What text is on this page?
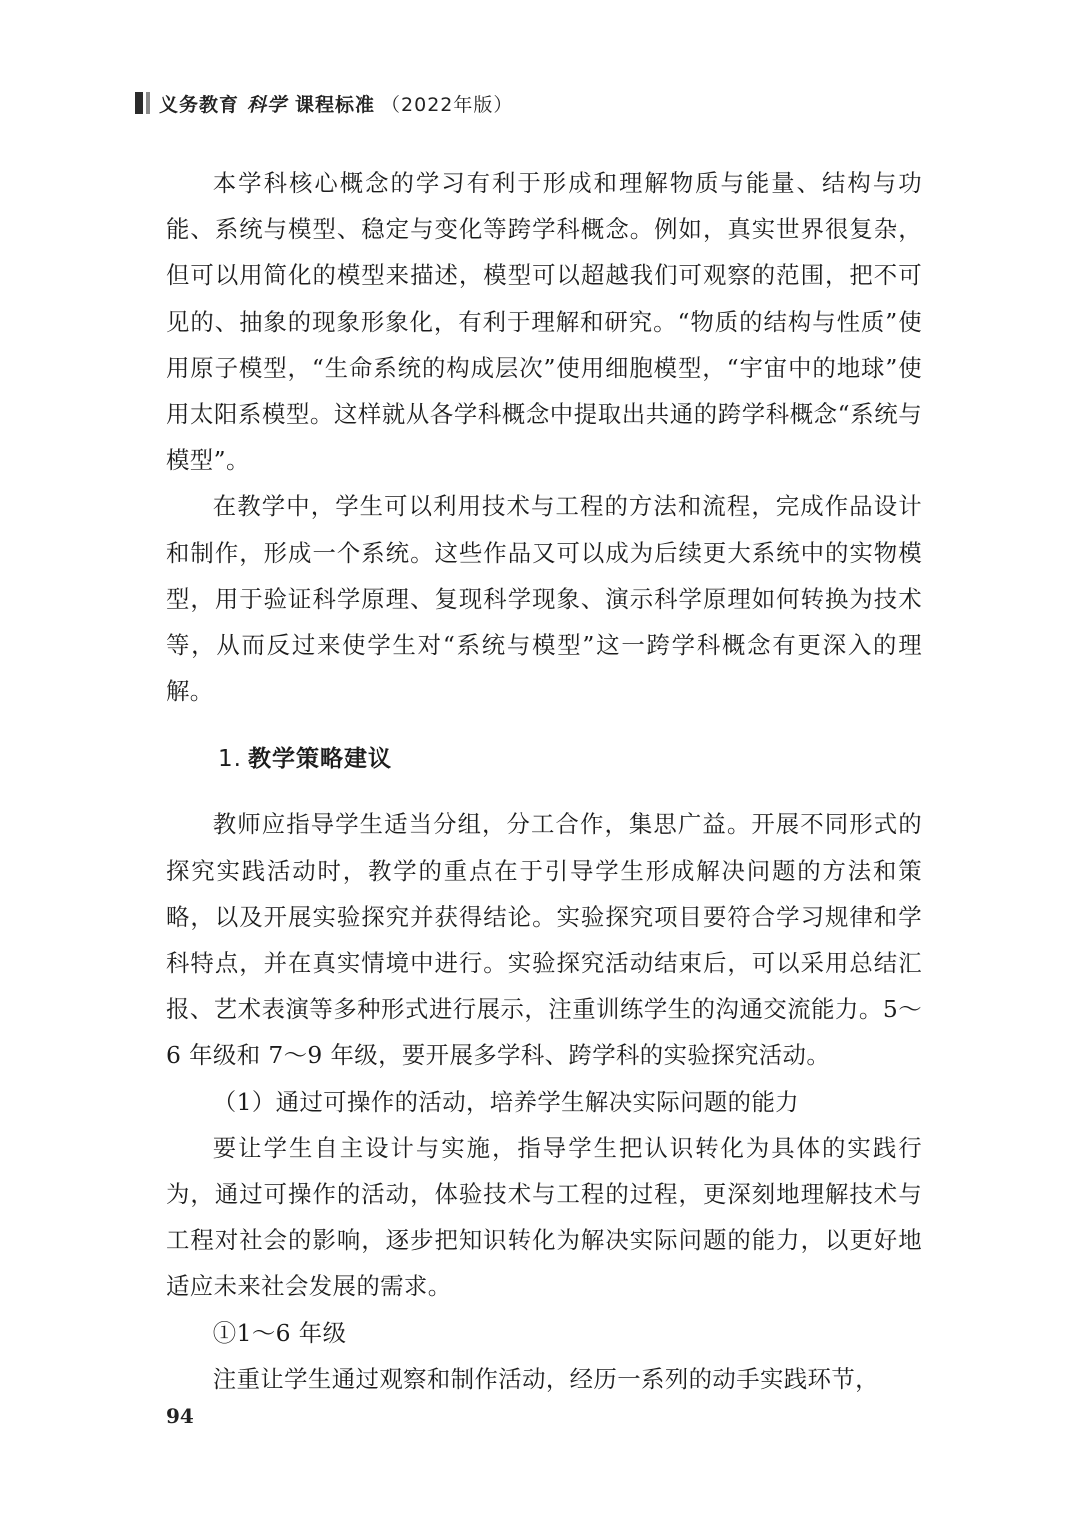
义务教育 科学 课程标准 （2022年版）

本学科核心概念的学习有利于形成和理解物质与能量、结构与功能、系统与模型、稳定与变化等跨学科概念。例如，真实世界很复杂，但可以用简化的模型来描述，模型可以超越我们可观察的范围，把不可见的、抽象的现象形象化，有利于理解和研究。“物质的结构与性质”使用原子模型，“生命系统的构成层次”使用细胞模型，“宇宙中的地球”使用太阳系模型。这样就从各学科概念中提取出共通的跨学科概念“系统与模型”。

在教学中，学生可以利用技术与工程的方法和流程，完成作品设计和制作，形成一个系统。这些作品又可以成为后续更大系统中的实物模型，用于验证科学原理、复现科学现象、演示科学原理如何转换为技术等，从而反过来使学生对“系统与模型”这一跨学科概念有更深入的理解。

1. 教学策略建议

教师应指导学生适当分组，分工合作，集思广益。开展不同形式的探究实践活动时，教学的重点在于引导学生形成解决问题的方法和策略，以及开展实验探究并获得结论。实验探究项目要符合学习规律和学科特点，并在真实情境中进行。实验探究活动结束后，可以采用总结汇报、艺术表演等多种形式进行展示，注重训练学生的沟通交流能力。5～6 年级和 7～9 年级，要开展多学科、跨学科的实验探究活动。

（1）通过可操作的活动，培养学生解决实际问题的能力

要让学生自主设计与实施，指导学生把认识转化为具体的实践行为，通过可操作的活动，体验技术与工程的过程，更深刻地理解技术与工程对社会的影响，逐步把知识转化为解决实际问题的能力，以更好地适应未来社会发展的需求。

①1～6 年级

注重让学生通过观察和制作活动，经历一系列的动手实践环节，

94
